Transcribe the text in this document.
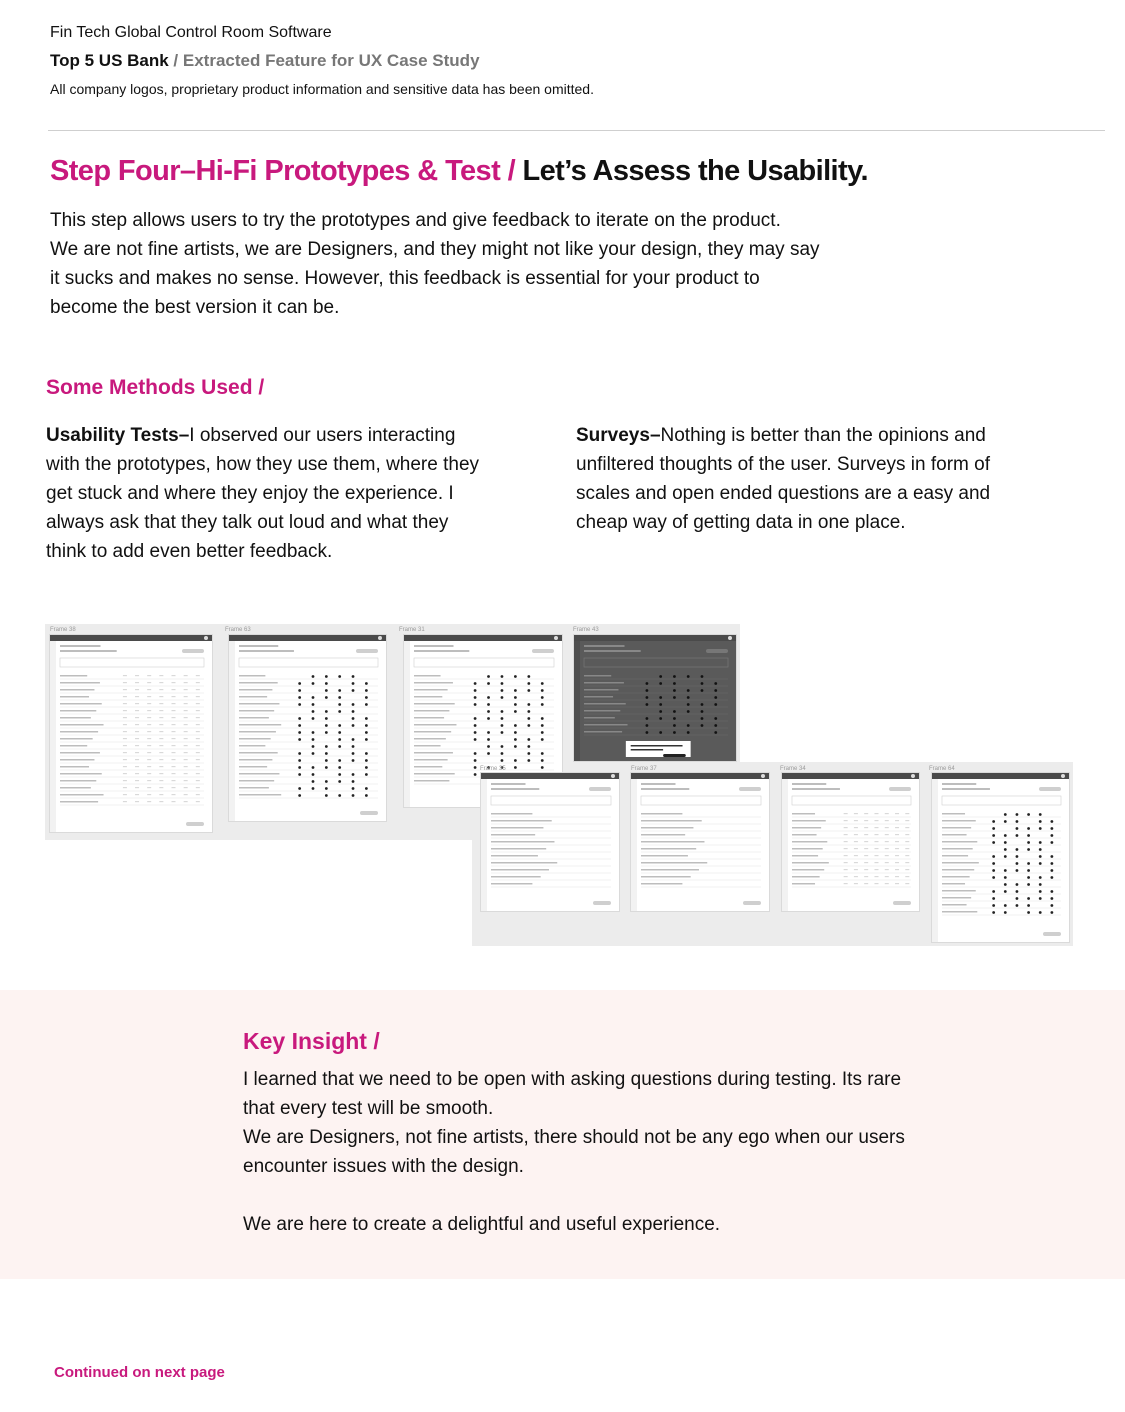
Fin Tech Global Control Room Software
Top 5 US Bank / Extracted Feature for UX Case Study
All company logos, proprietary product information and sensitive data has been omitted.
Step Four–Hi-Fi Prototypes & Test / Let’s Assess the Usability.

This step allows users to try the prototypes and give feedback to iterate on the product.

We are not fine artists, we are Designers, and they might not like your design, they may say

it sucks and makes no sense. However, this feedback is essential for your product to

become the best version it can be.

Some Methods Used /
Usability Tests–I observed our users interacting with the prototypes, how they use them, where they get stuck and where they enjoy the experience. I always ask that they talk out loud and what they think to add even better feedback.
Surveys–Nothing is better than the opinions and unfiltered thoughts of the user. Surveys in form of scales and open ended questions are a easy and cheap way of getting data in one place.
Frame 38	Frame 63	Frame 31	Frame 43
Frame 35	Frame 37	Frame 34	Frame 64
Key Insight /

I learned that we need to be open with asking questions during testing. Its rare

that every test will be smooth.

We are Designers, not fine artists, there should not be any ego when our users

encounter issues with the design.

We are here to create a delightful and useful experience.

Continued on next page
